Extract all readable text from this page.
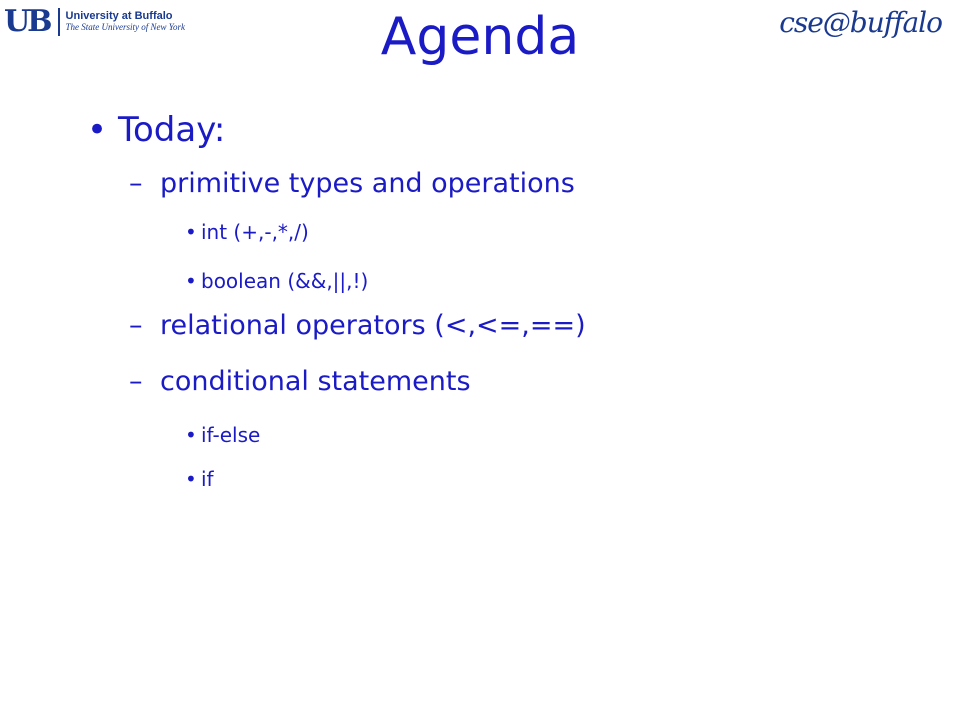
UB University at Buffalo
The State University of New York	cse@buffalo
Agenda
• Today:
– primitive types and operations
• int (+,-,*,/)
• boolean (&&,||,!)
– relational operators (<,<=,==)
– conditional statements
• if-else
• if
